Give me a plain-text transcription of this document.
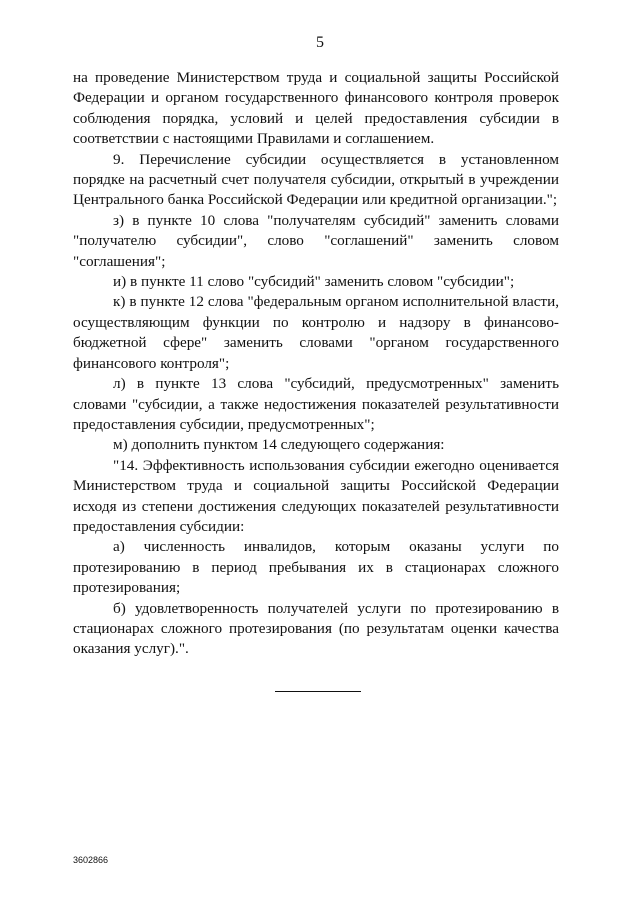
5

на проведение Министерством труда и социальной защиты Российской Федерации и органом государственного финансового контроля проверок соблюдения порядка, условий и целей предоставления субсидии в соответствии с настоящими Правилами и соглашением.

9. Перечисление субсидии осуществляется в установленном порядке на расчетный счет получателя субсидии, открытый в учреждении Центрального банка Российской Федерации или кредитной организации.";

з) в пункте 10 слова "получателям субсидий" заменить словами "получателю субсидии", слово "соглашений" заменить словом "соглашения";

и) в пункте 11 слово "субсидий" заменить словом "субсидии";

к) в пункте 12 слова "федеральным органом исполнительной власти, осуществляющим функции по контролю и надзору в финансово-бюджетной сфере" заменить словами "органом государственного финансового контроля";

л) в пункте 13 слова "субсидий, предусмотренных" заменить словами "субсидии, а также недостижения показателей результативности предоставления субсидии, предусмотренных";

м) дополнить пунктом 14 следующего содержания:

"14. Эффективность использования субсидии ежегодно оценивается Министерством труда и социальной защиты Российской Федерации исходя из степени достижения следующих показателей результативности предоставления субсидии:

а) численность инвалидов, которым оказаны услуги по протезированию в период пребывания их в стационарах сложного протезирования;

б) удовлетворенность получателей услуги по протезированию в стационарах сложного протезирования (по результатам оценки качества оказания услуг).".

3602866
